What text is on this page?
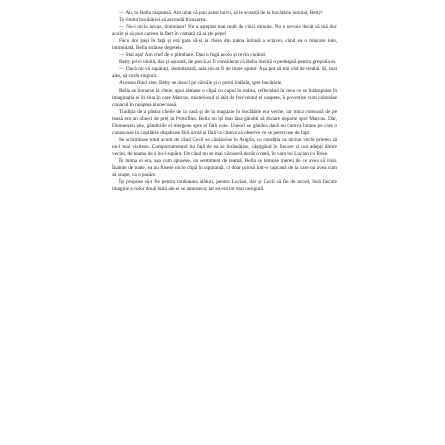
— Ah, tu Bella răspunsă. Am uitat că pun acest lucru, să le scoarță de la bucătărie lumină, Betty!

Te rindul bucătăriei să ascundă frunzarea.

— Nu-i nicio necaz, domnișor! Nu a așteptat mai mult de cinci minute. Nu e nevoie decât să mă duc acolo și să pun carnea la fiert în camară că ai ște pepe!

Făcu doi pași în față și era gata să-și ia cheia din mâna întinsă a sclavei, când ea o mișcare iute, intimidată, Bella strânse degetele.

— Stai așa! Am chef de o plimbare. Dau o fugă acolo și revin curând.

Betty privi uluită, dar și ușurată, de parcă ar fi considerat că Bella merită o pedeapsă pentru greșeala ei.

— Dacă nu vă supărați, domnișoară, asta mi-ar fi de mare ajutor. Așa pot să mă văd de treabă. Și, mai ales, să curăț singură.

Aceasta fiind zise, Betty se răsuci pe călcâie și o porni îndărăt, spre bucătărie.

Bella se întoarse la cheie, apoi rămase o clipă cu capul în mâini, reflectând la ceea ce se întâmplase în imaginația ei în ziua în care Marcus, misteriosul și atât de frecventul ei oaspete, îi povestise cum coborâse conacul în noaptea alunecoasă.

Tradiția de a păstra cheile de la casă și de la magazie în bucătărie era veche, iar mica comoară de pe masă era un obiect de preț în Portofino. Bella nu își mai lăsa gândul să zboare departe spre Marcus. Dar, Dumnezeu știe, gândurile ei mergeau spre el fără voie. Uneori se gândea dacă nu cumva lumea pe care o cunoscuse în copilărie dispăruse fără urmă și fără ca cineva să observe ce se petrecuse de fapt.

Se schimbase totul acum de când Cecil se căsătorise în Anglia, cu condiția ca niciun vechi prieten să nu-l mai viziteze. Comportamentul lui față de ea se înrăutățise, câștigând în fiecare zi noi adepți dintre vecini, de teama de a nu-l supăra. De când nu se mai văzuseră decât o dată, în vara lui Lucian cu Rose.

În inima ei era, așa cum spusese, un sentiment de teamă, Bella se temuse mereu de ce avea să vină. Înainte de toate, ea nu fusese nicio clipă în siguranță, ci doar prinsă într-o capcană de la care nu avea cum să scape, ca o pasăre.

Își propuse să-i fie pentru totdeauna alături, pentru Lucian, dar și Cecil să fie de acord, însă fiecare imagine a celor două lumi ale ei se amesteca, iar ea era tot mai nesigură.
